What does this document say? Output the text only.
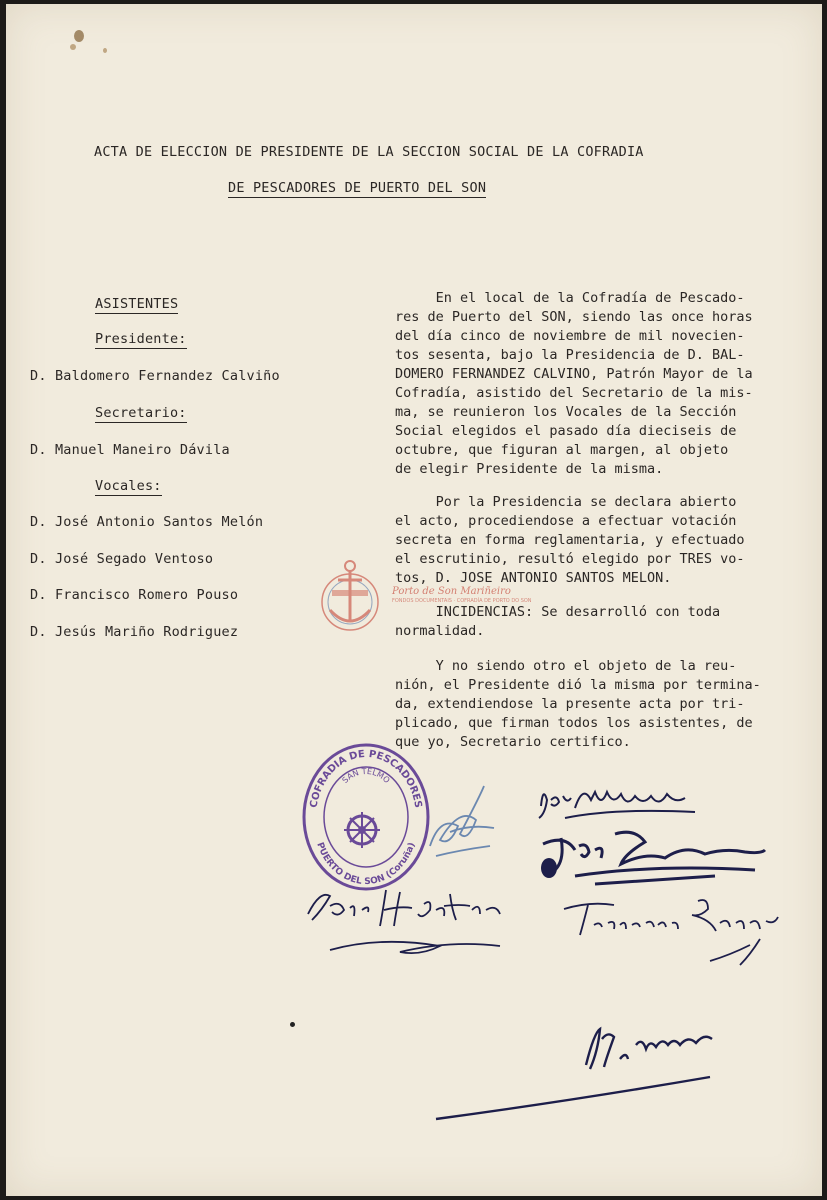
ACTA DE ELECCION DE PRESIDENTE DE LA SECCION SOCIAL DE LA COFRADIA
DE PESCADORES DE PUERTO DEL SON
ASISTENTES
Presidente:
D. Baldomero Fernandez Calviño
Secretario:
D. Manuel Maneiro Dávila
Vocales:
D. José Antonio Santos Melón
D. José Segado Ventoso
D. Francisco Romero Pouso
D. Jesús Mariño Rodriguez
En el local de la Cofradía de Pescado-
res de Puerto del SON, siendo las once horas
del día cinco de noviembre de mil novecien-
tos sesenta, bajo la Presidencia de D. BAL-
DOMERO FERNANDEZ CALVINO, Patrón Mayor de la
Cofradía, asistido del Secretario de la mis-
ma, se reunieron los Vocales de la Sección
Social elegidos el pasado día dieciseis de
octubre, que figuran al margen, al objeto
de elegir Presidente de la misma.
Por la Presidencia se declara abierto
el acto, procediendose a efectuar votación
secreta en forma reglamentaria, y efectuado
el escrutinio, resultó elegido por TRES vo-
tos, D. JOSE ANTONIO SANTOS MELON.
INCIDENCIAS: Se desarrolló con toda
normalidad.
Y no siendo otro el objeto de la reu-
nión, el Presidente dió la misma por termina-
da, extendiendose la presente acta por tri-
plicado, que firman todos los asistentes, de
que yo, Secretario certifico.
Porto de Son Mariñeiro
FONDOS DOCUMENTAIS · COFRADÍA DE PORTO DO SON
COFRADIA DE PESCADORES
PUERTO DEL SON (Coruña)
SAN TELMO
